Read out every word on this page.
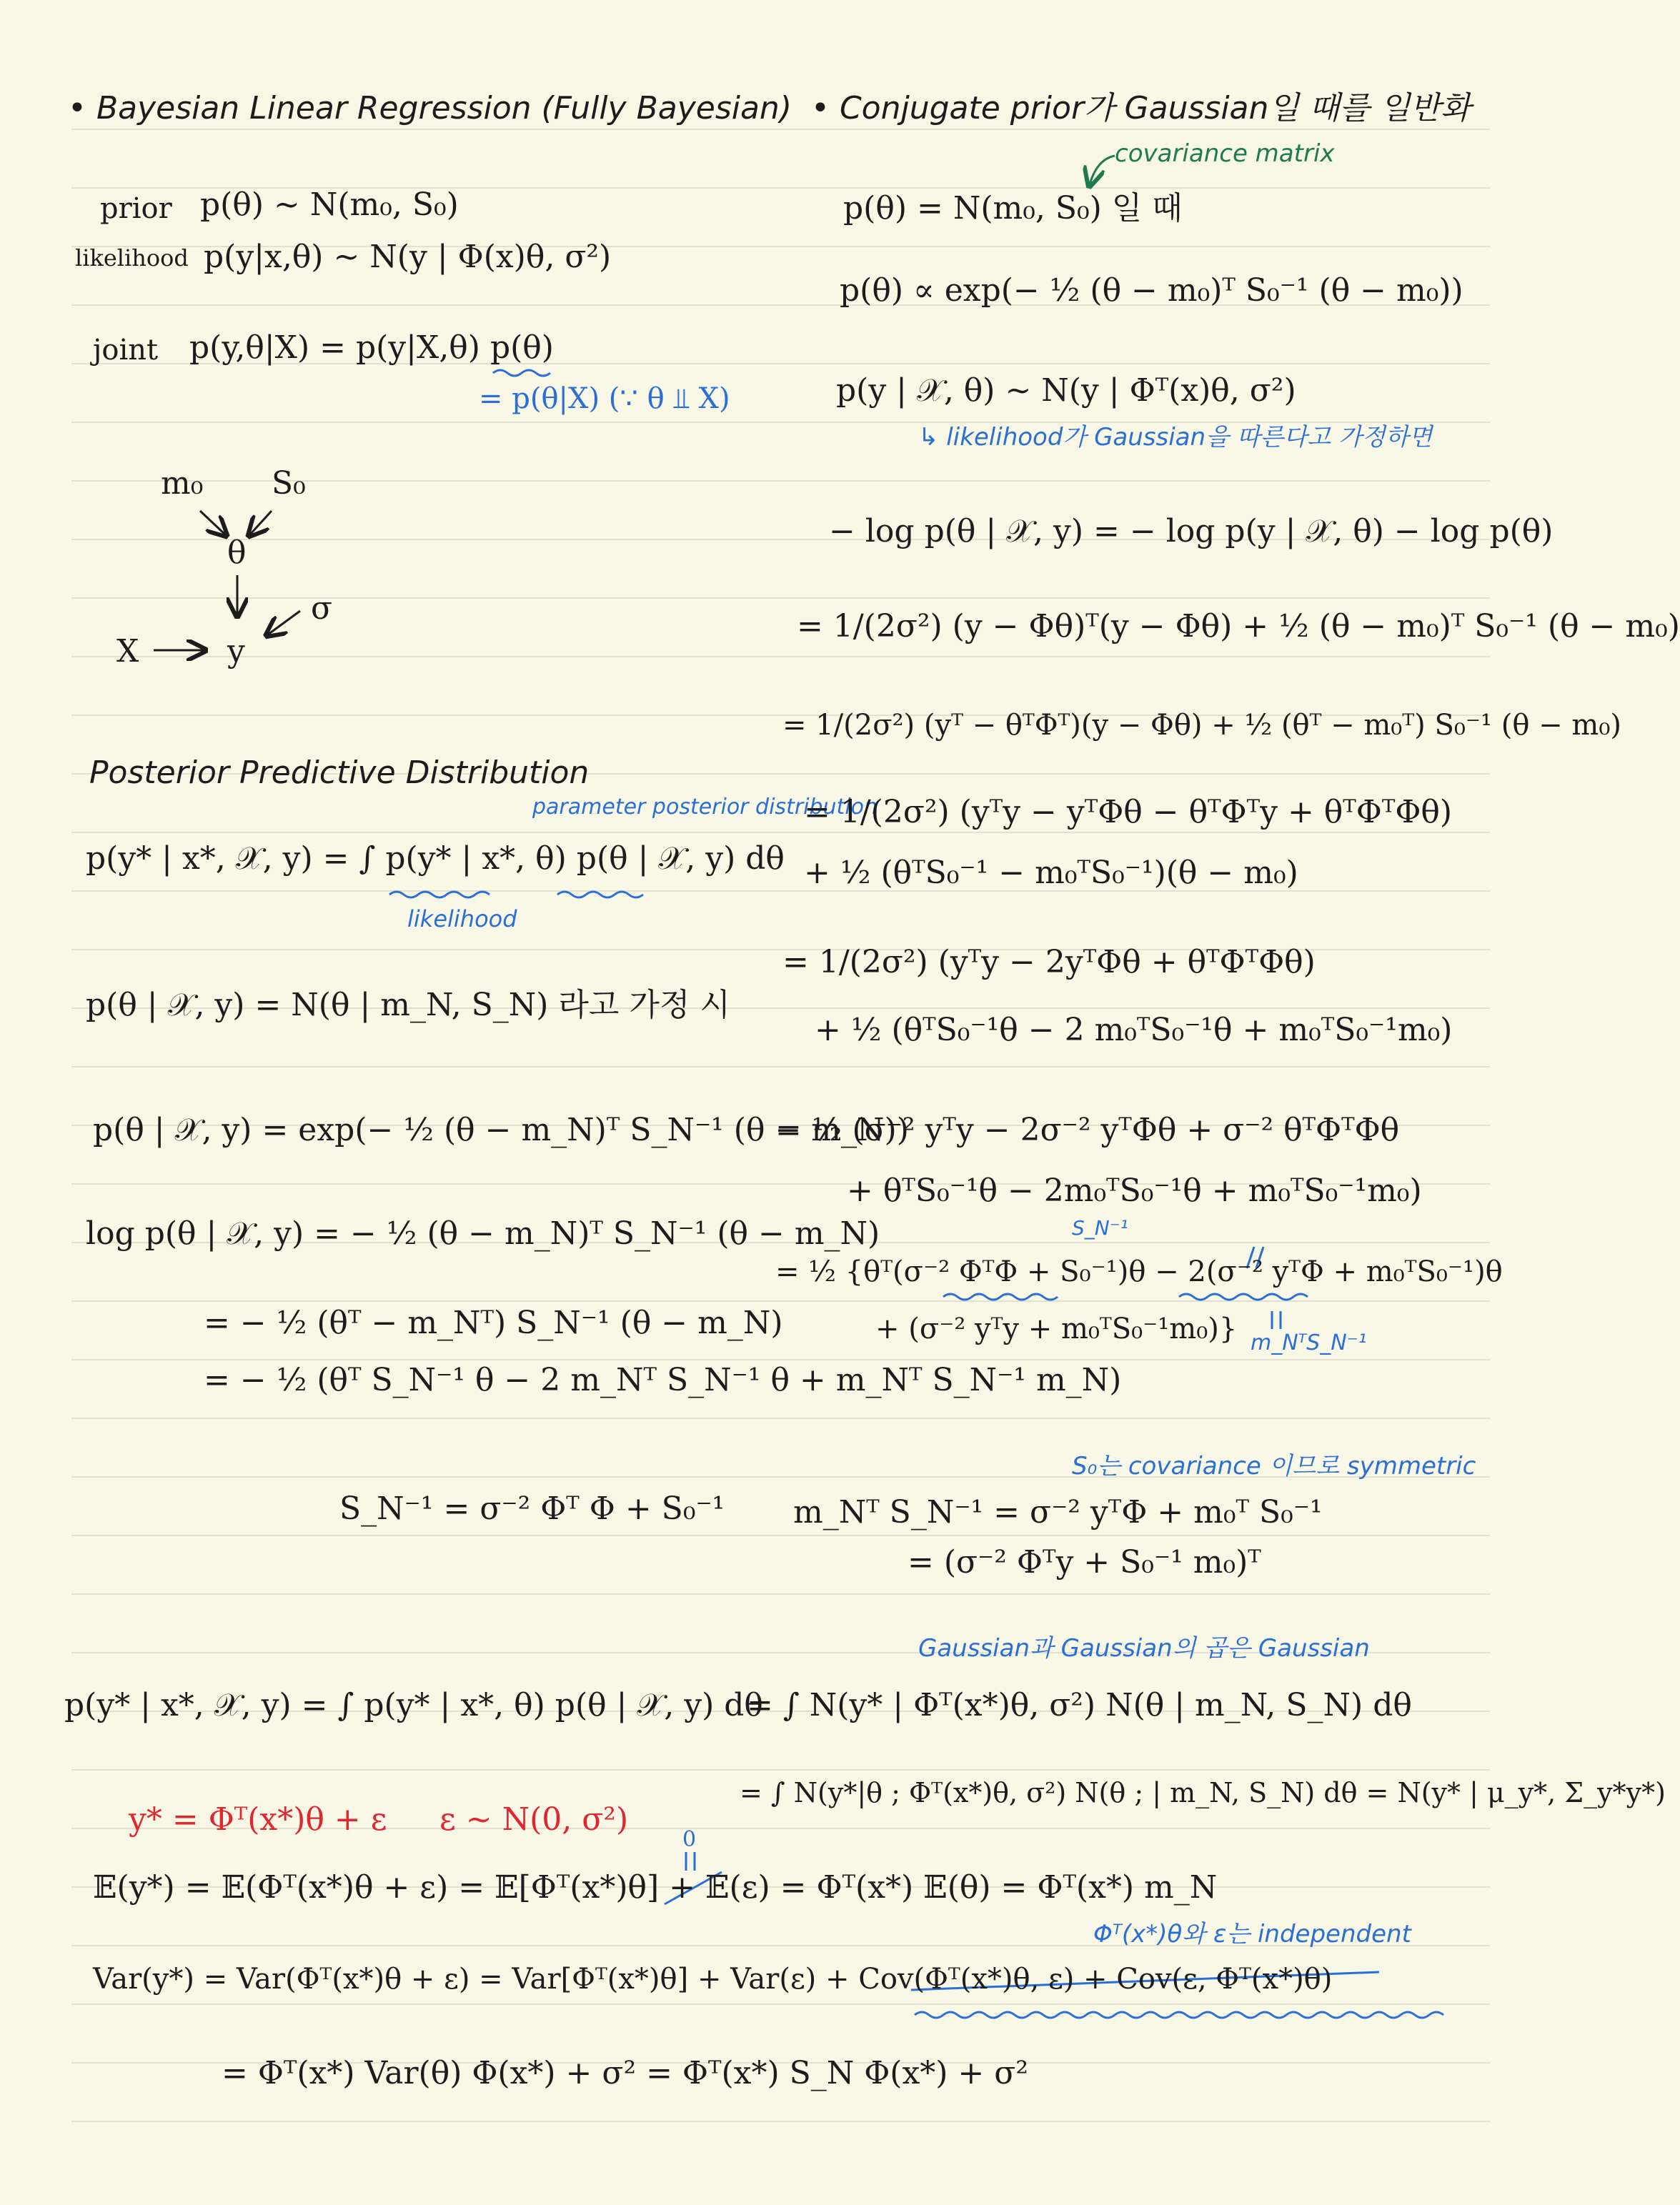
• Bayesian Linear Regression (Fully Bayesian)
prior p(θ) ~ N(m₀, S₀)
likelihood p(y|x,θ) ~ N(y | Φ(x)θ, σ²)
joint p(y,θ|X) = p(y|X,θ) p(θ)
= p(θ|X) (∵ θ ⫫ X)
m₀ S₀
θ
y
X
σ
Posterior Predictive Distribution
parameter posterior distribution
p(y* | x*, 𝒳, y) = ∫ p(y* | x*, θ) p(θ | 𝒳, y) dθ
likelihood
p(θ | 𝒳, y) = N(θ | m_N, S_N) 라고 가정 시
p(θ | 𝒳, y) = exp(− ½ (θ − m_N)ᵀ S_N⁻¹ (θ − m_N))
log p(θ | 𝒳, y) = − ½ (θ − m_N)ᵀ S_N⁻¹ (θ − m_N)
= − ½ (θᵀ − m_Nᵀ) S_N⁻¹ (θ − m_N)
= − ½ (θᵀ S_N⁻¹ θ − 2 m_Nᵀ S_N⁻¹ θ + m_Nᵀ S_N⁻¹ m_N)
S_N⁻¹ = σ⁻² Φᵀ Φ + S₀⁻¹
• Conjugate prior가 Gaussian일 때를 일반화
covariance matrix
p(θ) = N(m₀, S₀) 일 때
p(θ) ∝ exp(− ½ (θ − m₀)ᵀ S₀⁻¹ (θ − m₀))
p(y | 𝒳, θ) ~ N(y | Φᵀ(x)θ, σ²)
↳ likelihood가 Gaussian을 따른다고 가정하면
− log p(θ | 𝒳, y) = − log p(y | 𝒳, θ) − log p(θ)
= 1/(2σ²) (y − Φθ)ᵀ(y − Φθ) + ½ (θ − m₀)ᵀ S₀⁻¹ (θ − m₀)
= 1/(2σ²) (yᵀ − θᵀΦᵀ)(y − Φθ) + ½ (θᵀ − m₀ᵀ) S₀⁻¹ (θ − m₀)
= 1/(2σ²) (yᵀy − yᵀΦθ − θᵀΦᵀy + θᵀΦᵀΦθ)
+ ½ (θᵀS₀⁻¹ − m₀ᵀS₀⁻¹)(θ − m₀)
= 1/(2σ²) (yᵀy − 2yᵀΦθ + θᵀΦᵀΦθ)
+ ½ (θᵀS₀⁻¹θ − 2 m₀ᵀS₀⁻¹θ + m₀ᵀS₀⁻¹m₀)
= ½ (σ⁻² yᵀy − 2σ⁻² yᵀΦθ + σ⁻² θᵀΦᵀΦθ
+ θᵀS₀⁻¹θ − 2m₀ᵀS₀⁻¹θ + m₀ᵀS₀⁻¹m₀)
S_N⁻¹
= ½ {θᵀ(σ⁻² ΦᵀΦ + S₀⁻¹)θ − 2(σ⁻² yᵀΦ + m₀ᵀS₀⁻¹)θ
+ (σ⁻² yᵀy + m₀ᵀS₀⁻¹m₀)} m_NᵀS_N⁻¹
S₀는 covariance 이므로 symmetric
m_Nᵀ S_N⁻¹ = σ⁻² yᵀΦ + m₀ᵀ S₀⁻¹
= (σ⁻² Φᵀy + S₀⁻¹ m₀)ᵀ
Gaussian과 Gaussian의 곱은 Gaussian
p(y* | x*, 𝒳, y) = ∫ p(y* | x*, θ) p(θ | 𝒳, y) dθ
= ∫ N(y* | Φᵀ(x*)θ, σ²) N(θ | m_N, S_N) dθ
= ∫ N(y*|θ ; Φᵀ(x*)θ, σ²) N(θ ; | m_N, S_N) dθ = N(y* | μ_y*, Σ_y*y*)
y* = Φᵀ(x*)θ + ε ε ~ N(0, σ²)
0
𝔼(y*) = 𝔼(Φᵀ(x*)θ + ε) = 𝔼[Φᵀ(x*)θ] + 𝔼(ε) = Φᵀ(x*) 𝔼(θ) = Φᵀ(x*) m_N
Φᵀ(x*)θ와 ε는 independent
Var(y*) = Var(Φᵀ(x*)θ + ε) = Var[Φᵀ(x*)θ] + Var(ε) + Cov(Φᵀ(x*)θ, ε) + Cov(ε, Φᵀ(x*)θ)
= Φᵀ(x*) Var(θ) Φ(x*) + σ² = Φᵀ(x*) S_N Φ(x*) + σ²
